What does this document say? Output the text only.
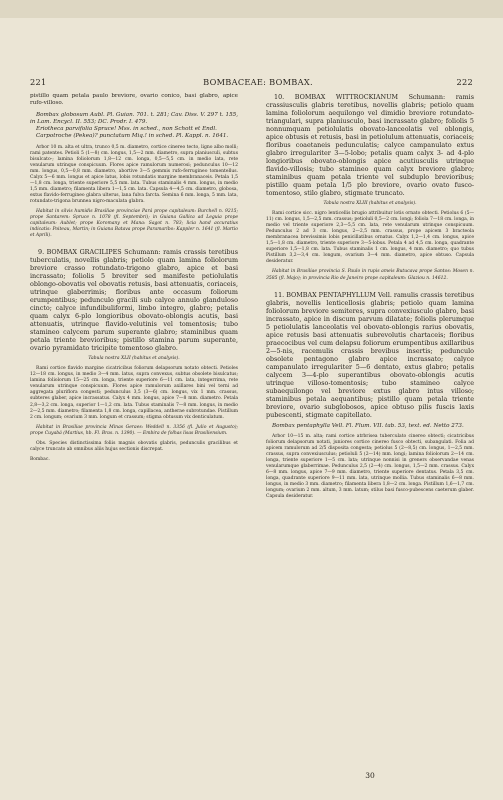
221	BOMBACEAE: BOMBAX.	222

pistillo quam petala paulo breviore, ovario conico, basi glabro, apice rufo-villoso.

Bombax globosum Aubl. Pl. Guian. 701. t. 281; Cav. Diss. V. 297 t. 155, in Lam. Encycl. II. 553; DC. Prodr. I. 479.

Eriotheca parvifolia Spruce! Mss. in sched., non Schott et Endl.

Carpotroche (Pekea)? punctatum Miq.! in sched. Pl. Kappl. n. 1641.

Arbor 10 m. alta et ultra, trunco 0,5 m. diametro, cortice cinereo tecto, ligno albo molli; rami patentes. Petioli 5 (1—8) cm. longus, 1,5—2 mm. diametro, supra planiusculi, subtus bisulcato-; lamina foliolorum 1,8—12 cm. longa, 0,5—5,5 cm. in medio lata, rete venularum utrinque conspicuum. Flores apice ramulorum numerosi; pedunculus 10—12 mm. longus, 0,5—0,8 mm. diametro, abortive 3—5 gemmis rufo-ferrugineo tomentellus. Calyx 5—6 mm. longus et apice latus, lobis rotundatis margine membranaceis. Petala 1,5—1,8 cm. longa, triente superiore 5,5 mm. lata. Tubus staminalis 4 mm. longus, in medio 1,5 mm. diametro; filamenta libera 1—1,5 cm. lata. Capsula 4—4,5 cm. diametro, globosa, extus flavido-ferrugineo glabra ulterus, lana fulva farcta. Semina 6 mm. longa, 5 mm. lata, rotundato-trigona brunnea nigro-maculata glabra.

Habitat in silvis humidis Brasiliae provinciae Pará prope capitaleum: Burchell n. 9215; prope Santarem: Spruce n. 1078 (fl. Septembri); in Guiana Gallica ad Leguia prope capitaleum: Aublet; prope Koromany et Mana: Sagot n. 783; licia hand accuratius indicatis: Poiteau, Martin; in Guiana Batava prope Paramaribo: Kappler n. 1641 (fl. Martio et Aprili).

9. BOMBAX GRACILIPES Schumann: ramis crassis teretibus tuberculatis, novellis glabris; petiolo quam lamina foliolorum breviore crasso rotundato-trigono glabro, apice et basi incrassato; foliolis 5 breviter sed manifeste petiolulatis oblongo-obovatis vel obovatis retusis, basi attenuatis, coriaceis, utrinque glaberrimis; floribus ante occasum foliorum erumpentibus; pedunculo gracili sub calyce annulo glanduloso cincto; calyce infundibuliformi, limbo integro, glabro; petalis quam calyx 6-plo longioribus obovato-oblongis acutis, basi attenuatis, utrinque flavido-velutinis vel tomentosis; tubo stamineo calycem parum superante glabro; staminibus quam petala triente brevioribus; pistillo stamina parum superante, ovario pyramidato tricipite tomentoso glabro.

Tabula nostra XLII (habitus et analysis).

Rami cortice flavido margine cicatricibus foliorum delapsorum notato obtecti. Petioles 12—18 cm. longus, in medio 3—4 mm. latus, supra convexus, subtus obsolete bisulcatus; lamina foliolorum 15—25 cm. longa, triente superiore 6—11 cm. lata, integerrima, rete venularum utrinque conspicuum. Flores apice ramulorum axillares bini vel terni ad aggregata pluriflora congesti; pedunculus 3,5 (3—6) cm. longus, vix 1 mm. crassus, subteres glaber, apice incrassatus. Calyx 4 mm. longus, apice 7—8 mm. diametro. Petala 2,8—3,2 cm. longa, superior 1—1,2 cm. lata. Tubus staminalis 7—8 mm. longus, in medio 2—2,5 mm. diametro; filamenta 1,8 cm. longa, capillacea, antherae subrotundae. Pistillum 2 cm. longum; ovarium 3 mm. longum et crassum; stigma obtusum vix denticulatum.

Habitat in Brasiliae provincia Minas Geraes: Weddell n. 3356 (fl. Julio et Augusto); prope Cuyabá (Martius, hb. Fl. Bras. n. 1390). — Embira de folhas lisas Brasiliensium.

Obs. Species distinctissima foliis magnis obovatis glabris, pedunculis gracilibus et calyce truncato ab omnibus aliis hujus sectionis discrepat.

Bombac.

10. BOMBAX WITTROCKIANUM Schumann: ramis crassiusculis glabris teretibus, novellis glabris; petiolo quam lamina foliolorum aequilongo vel dimidio breviore rotundato-triangulari, supra planiusculo, basi incrassato glabro; foliolis 5 nonnumquam petiolulatis obovato-lanceolatis vel oblongis, apice obtusis et retusis, basi in petiolulum attenuatis, coriaceis; floribus coaetaneis pedunculatis; calyce campanulato extus glabro irregulariter 3—5-lobo; petalis quam calyx 3- ad 4-plo longioribus obovato-oblongis apice acutiusculis utrinque flavido-villosis; tubo stamineo quam calyx breviore glabro; staminibus quam petala triente vel subduplo brevioribus; pistillo quam petala 1/5 plo breviore, ovario ovato fusco-tomentoso, stilo glabro, stigmate truncato.

Tabula nostra XLIII (habitus et analysis).

Rami cortice sicc. nigro lenticellis brugio attribuitur lotis ornato obtecti. Petiolus 6 (5—11) cm. longus, 1,5—2,5 mm. crassus; petioluli 0,5—2 cm. longi; foliola 7—18 cm. longa, in medio vel triente superiore 2,3—5,5 cm. lata, rete venularum utrinque conspicuum. Pedunculus 2 ad 3 cm. longus, 2—2,5 mm. crassus, prope apicem 3 bracteola membranacea brevissimis lobis penicillatibus ornatus. Calyx 1,2—1,4 cm. longus, apice 1,5—1,8 cm. diametro, triente superiore 3—5-lobus. Petala 4 ad 4,5 cm. longa, quadrante superiore 1,5—1,8 cm. lata. Tubus staminalis 1 cm. longus, 4 mm. diametro; quo tubus Pistillum 3,2—3,4 cm. longum, ovarium 3—4 mm. diametro, apice obtuso. Capsula desideratur.

Habitat in Brasiliae provincia S. Paulo in rupis ameis Butucava prope Santos: Mosen n. 3585 (fl. Majo); in provincia Rio de Janeiro prope capitaleum: Glaziou n. 14612.

11. BOMBAX PENTAPHYLLUM Vell. ramulis crassis teretibus glabris, novellis lenticellosis glabris; petiolo quam lamina foliolorum breviore semiteres, supra convexiusculo glabro, basi incrassato, apice in discum parvum dilatate; foliolis plerumque 5 petiolulatis lanceolatis vel obovato-oblongis rarius obovatis, apice retusis basi attenuatis subrevolutis chartaceis; floribus praecocibus vel cum delapsu foliorum erumpentibus axillaribus 2—5-nis, racemulis crassis brevibus insertis; pedunculo obsolete pentagono glabro apice incrassato; calyce campanulato irregulariter 5—6 dentato, extus glabro; petalis calycem 3—4-plo superantibus obovato-oblongis acutis utrinque villoso-tomentosis; tubo stamineo calyce subaequilongo vel breviore extus glabro intus villoso; staminibus petala aequantibus; pistillo quam petala triente breviore, ovario subglobosos, apice obtuso pilis fuscis laxis pubescenti, stigmate capitellato.

Bombax pentaphylla Vell. Fl. Flum. VII. tab. 53, text. ed. Netto 273.

Arbor 10—15 m. alta; rami cortice atrbrisea tuberculato cinereo obtecti; cicatricibus foliorum delapsorum notati, juniores cortice cinereo fusco obtecti, subangulati. Folia ad apicem ramulorum ad 2/5 disposita congesta; petiolus 5 (2—8,5) cm. longus, 1—2,5 mm. crassus, supra convexiusculus; petioluli 5 (2—14) mm. longi; lamina foliolorum 2—14 cm. longa, triente superiore 1—5 cm. lata; utrinque nonnisi in greners observandae venas venularumque glaberrimae. Pedunculus 2,5 (2—4) cm. longus, 1,5—2 mm. crassus. Calyx 6—8 mm. longus, apice 7—9 mm. diametro, triente superiore dentatus. Petala 3,5 cm. longa, quadrante superiore 9—11 mm. lata, utrinque mollia. Tubus staminalis 6—8 mm. longus, in medio 3 mm. diametro; filamenta libera 1,8—2 cm. longa. Pistillum 1,6—1,7 cm. longum; ovarium 2 mm. altum, 3 mm. latum; stilus basi fusco-pubescens caeterum glaber. Capsula desideratur.

30
